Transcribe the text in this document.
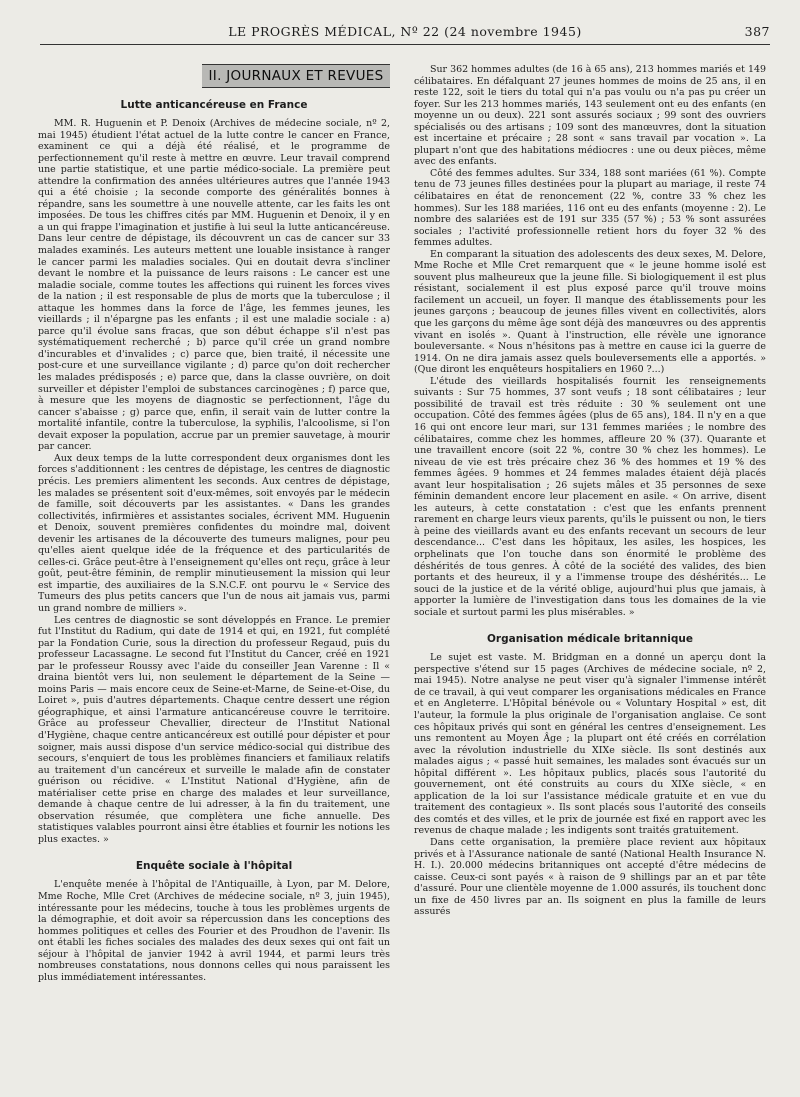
LE PROGRÈS MÉDICAL, Nº 22 (24 novembre 1945)	387
II. JOURNAUX ET REVUES
Lutte anticancéreuse en France

MM. R. Huguenin et P. Denoix (Archives de médecine sociale, nº 2, mai 1945) étudient l'état actuel de la lutte contre le cancer en France, examinent ce qui a déjà été réalisé, et le programme de perfectionnement qu'il reste à mettre en œuvre. Leur travail comprend une partie statistique, et une partie médico-sociale. La première peut attendre la confirmation des années ultérieures autres que l'année 1943 qui a été choisie ; la seconde comporte des généralités bonnes à répandre, sans les soumettre à une nouvelle attente, car les faits les ont imposées. De tous les chiffres cités par MM. Huguenin et Denoix, il y en a un qui frappe l'imagination et justifie à lui seul la lutte anticancéreuse. Dans leur centre de dépistage, ils découvrent un cas de cancer sur 33 malades examinés. Les auteurs mettent une louable insistance à ranger le cancer parmi les maladies sociales. Qui en doutait devra s'incliner devant le nombre et la puissance de leurs raisons : Le cancer est une maladie sociale, comme toutes les affections qui ruinent les forces vives de la nation ; il est responsable de plus de morts que la tuberculose ; il attaque les hommes dans la force de l'âge, les femmes jeunes, les vieillards ; il n'épargne pas les enfants ; il est une maladie sociale : a) parce qu'il évolue sans fracas, que son début échappe s'il n'est pas systématiquement recherché ; b) parce qu'il crée un grand nombre d'incurables et d'invalides ; c) parce que, bien traité, il nécessite une post-cure et une surveillance vigilante ; d) parce qu'on doit rechercher les malades prédisposés ; e) parce que, dans la classe ouvrière, on doit surveiller et dépister l'emploi de substances carcinogènes ; f) parce que, à mesure que les moyens de diagnostic se perfectionnent, l'âge du cancer s'abaisse ; g) parce que, enfin, il serait vain de lutter contre la mortalité infantile, contre la tuberculose, la syphilis, l'alcoolisme, si l'on devait exposer la population, accrue par un premier sauvetage, à mourir par cancer.

Aux deux temps de la lutte correspondent deux organismes dont les forces s'additionnent : les centres de dépistage, les centres de diagnostic précis. Les premiers alimentent les seconds. Aux centres de dépistage, les malades se présentent soit d'eux-mêmes, soit envoyés par le médecin de famille, soit découverts par les assistantes. « Dans les grandes collectivités, infirmières et assistantes sociales, écrivent MM. Huguenin et Denoix, souvent premières confidentes du moindre mal, doivent devenir les artisanes de la découverte des tumeurs malignes, pour peu qu'elles aient quelque idée de la fréquence et des particularités de celles-ci. Grâce peut-être à l'enseignement qu'elles ont reçu, grâce à leur goût, peut-être féminin, de remplir minutieusement la mission qui leur est impartie, des auxiliaires de la S.N.C.F. ont pourvu le « Service des Tumeurs des plus petits cancers que l'un de nous ait jamais vus, parmi un grand nombre de milliers ».

Les centres de diagnostic se sont développés en France. Le premier fut l'Institut du Radium, qui date de 1914 et qui, en 1921, fut complété par la Fondation Curie, sous la direction du professeur Regaud, puis du professeur Lacassagne. Le second fut l'Institut du Cancer, créé en 1921 par le professeur Roussy avec l'aide du conseiller Jean Varenne : Il « draina bientôt vers lui, non seulement le département de la Seine — moins Paris — mais encore ceux de Seine-et-Marne, de Seine-et-Oise, du Loiret », puis d'autres départements. Chaque centre dessert une région géographique, et ainsi l'armature anticancéreuse couvre le territoire. Grâce au professeur Chevallier, directeur de l'Institut National d'Hygiène, chaque centre anticancéreux est outillé pour dépister et pour soigner, mais aussi dispose d'un service médico-social qui distribue des secours, s'enquiert de tous les problèmes financiers et familiaux relatifs au traitement d'un cancéreux et surveille le malade afin de constater guérison ou récidive. « L'Institut National d'Hygiène, afin de matérialiser cette prise en charge des malades et leur surveillance, demande à chaque centre de lui adresser, à la fin du traitement, une observation résumée, que complètera une fiche annuelle. Des statistiques valables pourront ainsi être établies et fournir les notions les plus exactes. »

Enquête sociale à l'hôpital

L'enquête menée à l'hôpital de l'Antiquaille, à Lyon, par M. Delore, Mme Roche, Mlle Cret (Archives de médecine sociale, nº 3, juin 1945), intéressante pour les médecins, touche à tous les problèmes urgents de la démographie, et doit avoir sa répercussion dans les conceptions des hommes politiques et celles des Fourier et des Proudhon de l'avenir. Ils ont établi les fiches sociales des malades des deux sexes qui ont fait un séjour à l'hôpital de janvier 1942 à avril 1944, et parmi leurs très nombreuses constatations, nous donnons celles qui nous paraissent les plus immédiatement intéressantes.

Sur 362 hommes adultes (de 16 à 65 ans), 213 hommes mariés et 149 célibataires. En défalquant 27 jeunes hommes de moins de 25 ans, il en reste 122, soit le tiers du total qui n'a pas voulu ou n'a pas pu créer un foyer. Sur les 213 hommes mariés, 143 seulement ont eu des enfants (en moyenne un ou deux). 221 sont assurés sociaux ; 99 sont des ouvriers spécialisés ou des artisans ; 109 sont des manœuvres, dont la situation est incertaine et précaire ; 28 sont « sans travail par vocation ». La plupart n'ont que des habitations médiocres : une ou deux pièces, même avec des enfants.

Côté des femmes adultes. Sur 334, 188 sont mariées (61 %). Compte tenu de 73 jeunes filles destinées pour la plupart au mariage, il reste 74 célibataires en état de renoncement (22 %, contre 33 % chez les hommes). Sur les 188 mariées, 116 ont eu des enfants (moyenne : 2). Le nombre des salariées est de 191 sur 335 (57 %) ; 53 % sont assurées sociales ; l'activité professionnelle retient hors du foyer 32 % des femmes adultes.

En comparant la situation des adolescents des deux sexes, M. Delore, Mme Roche et Mlle Cret remarquent que « le jeune homme isolé est souvent plus malheureux que la jeune fille. Si biologiquement il est plus résistant, socialement il est plus exposé parce qu'il trouve moins facilement un accueil, un foyer. Il manque des établissements pour les jeunes garçons ; beaucoup de jeunes filles vivent en collectivités, alors que les garçons du même âge sont déjà des manœuvres ou des apprentis vivant en isolés ». Quant à l'instruction, elle révèle une ignorance bouleversante. « Nous n'hésitons pas à mettre en cause ici la guerre de 1914. On ne dira jamais assez quels bouleversements elle a apportés. » (Que diront les enquêteurs hospitaliers en 1960 ?...)

L'étude des vieillards hospitalisés fournit les renseignements suivants : Sur 75 hommes, 37 sont veufs ; 18 sont célibataires ; leur possibilité de travail est très réduite : 30 % seulement ont une occupation. Côté des femmes âgées (plus de 65 ans), 184. Il n'y en a que 16 qui ont encore leur mari, sur 131 femmes mariées ; le nombre des célibataires, comme chez les hommes, affleure 20 % (37). Quarante et une travaillent encore (soit 22 %, contre 30 % chez les hommes). Le niveau de vie est très précaire chez 36 % des hommes et 19 % des femmes âgées. 9 hommes et 24 femmes malades étaient déjà placés avant leur hospitalisation ; 26 sujets mâles et 35 personnes de sexe féminin demandent encore leur placement en asile. « On arrive, disent les auteurs, à cette constatation : c'est que les enfants prennent rarement en charge leurs vieux parents, qu'ils le puissent ou non, le tiers à peine des vieillards avant eu des enfants recevant un secours de leur descendance... C'est dans les hôpitaux, les asiles, les hospices, les orphelinats que l'on touche dans son énormité le problème des déshérités de tous genres. À côté de la société des valides, des bien portants et des heureux, il y a l'immense troupe des déshérités... Le souci de la justice et de la vérité oblige, aujourd'hui plus que jamais, à apporter la lumière de l'investigation dans tous les domaines de la vie sociale et surtout parmi les plus misérables. »

Organisation médicale britannique

Le sujet est vaste. M. Bridgman en a donné un aperçu dont la perspective s'étend sur 15 pages (Archives de médecine sociale, nº 2, mai 1945). Notre analyse ne peut viser qu'à signaler l'immense intérêt de ce travail, à qui veut comparer les organisations médicales en France et en Angleterre. L'Hôpital bénévole ou « Voluntary Hospital » est, dit l'auteur, la formule la plus originale de l'organisation anglaise. Ce sont ces hôpitaux privés qui sont en général les centres d'enseignement. Les uns remontent au Moyen Âge ; la plupart ont été créés en corrélation avec la révolution industrielle du XIXe siècle. Ils sont destinés aux malades aigus ; « passé huit semaines, les malades sont évacués sur un hôpital différent ». Les hôpitaux publics, placés sous l'autorité du gouvernement, ont été construits au cours du XIXe siècle, « en application de la loi sur l'assistance médicale gratuite et en vue du traitement des contagieux ». Ils sont placés sous l'autorité des conseils des comtés et des villes, et le prix de journée est fixé en rapport avec les revenus de chaque malade ; les indigents sont traités gratuitement.

Dans cette organisation, la première place revient aux hôpitaux privés et à l'Assurance nationale de santé (National Health Insurance N. H. I.). 20.000 médecins britanniques ont accepté d'être médecins de caisse. Ceux-ci sont payés « à raison de 9 shillings par an et par tête d'assuré. Pour une clientèle moyenne de 1.000 assurés, ils touchent donc un fixe de 450 livres par an. Ils soignent en plus la famille de leurs assurés
